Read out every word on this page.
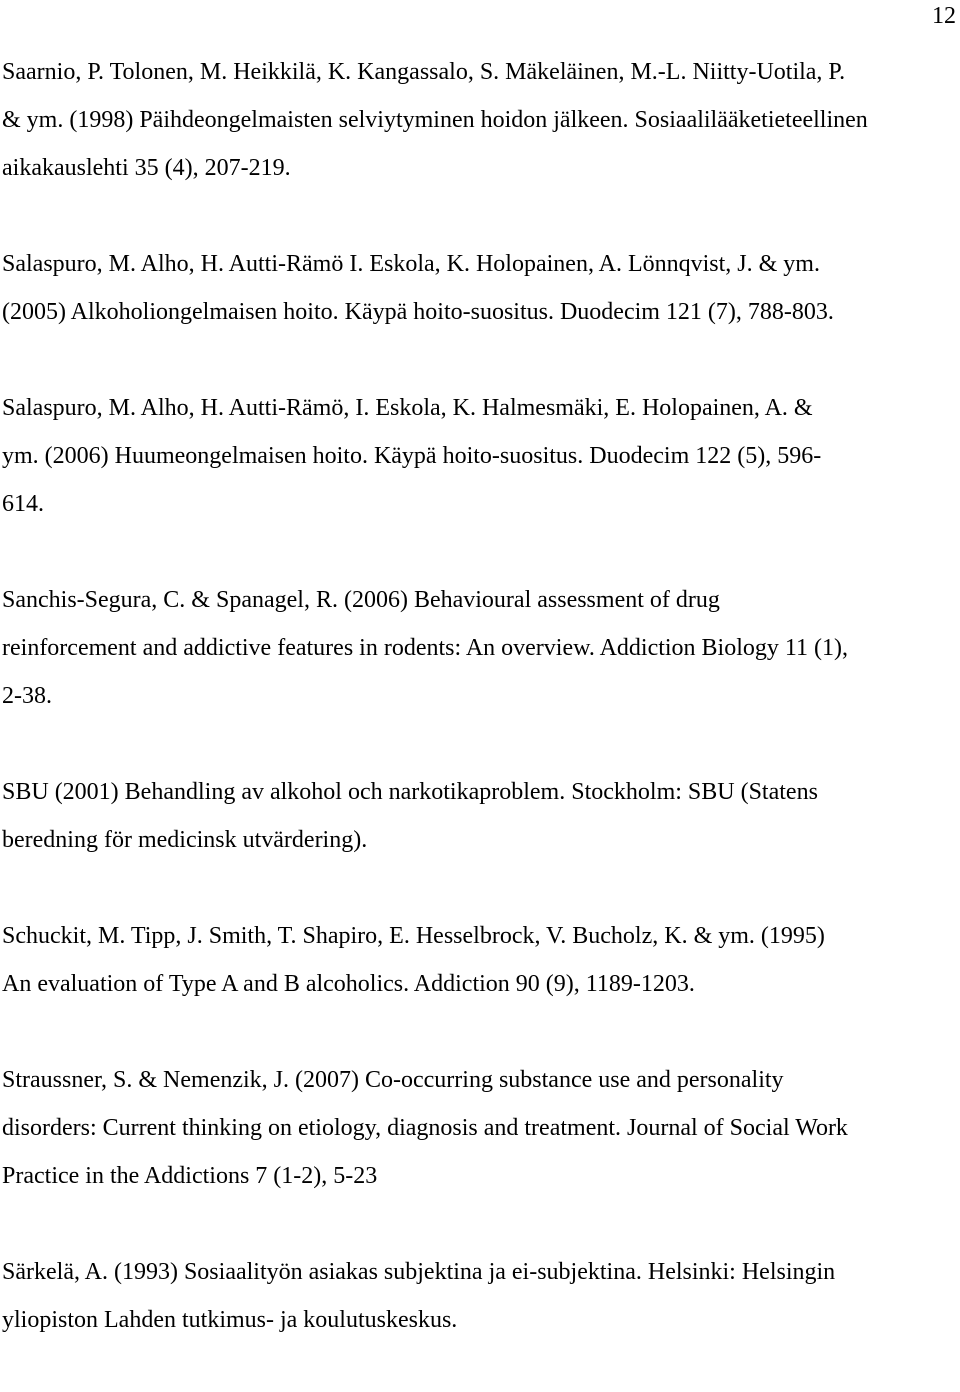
12
Saarnio, P. Tolonen, M. Heikkilä, K. Kangassalo, S. Mäkeläinen, M.-L. Niitty-Uotila, P.
& ym. (1998) Päihdeongelmaisten selviytyminen hoidon jälkeen. Sosiaalilääketieteellinen
aikakauslehti 35 (4), 207-219.
Salaspuro, M. Alho, H. Autti-Rämö I. Eskola, K. Holopainen, A. Lönnqvist, J. & ym.
(2005) Alkoholiongelmaisen hoito. Käypä hoito-suositus. Duodecim 121 (7), 788-803.
Salaspuro, M. Alho, H. Autti-Rämö, I. Eskola, K. Halmesmäki, E. Holopainen, A. &
ym. (2006) Huumeongelmaisen hoito. Käypä hoito-suositus. Duodecim 122 (5), 596-
614.
Sanchis-Segura, C. & Spanagel, R. (2006) Behavioural assessment of drug
reinforcement and addictive features in rodents: An overview. Addiction Biology 11 (1),
2-38.
SBU (2001) Behandling av alkohol och narkotikaproblem. Stockholm: SBU (Statens
beredning för medicinsk utvärdering).
Schuckit, M. Tipp, J. Smith, T. Shapiro, E. Hesselbrock, V. Bucholz, K. & ym. (1995)
An evaluation of Type A and B alcoholics. Addiction 90 (9), 1189-1203.
Straussner, S. & Nemenzik, J. (2007) Co-occurring substance use and personality
disorders: Current thinking on etiology, diagnosis and treatment. Journal of Social Work
Practice in the Addictions 7 (1-2), 5-23
Särkelä, A. (1993) Sosiaalityön asiakas subjektina ja ei-subjektina. Helsinki: Helsingin
yliopiston Lahden tutkimus- ja koulutuskeskus.
